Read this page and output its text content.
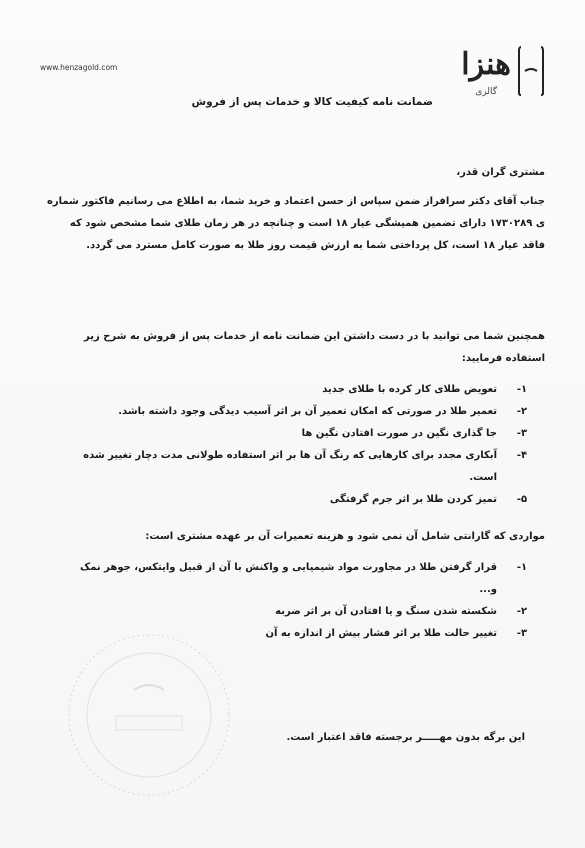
www.henzagold.com	هنزا
گالری
ضمانت نامه کیفیت کالا و خدمات پس از فروش
مشتری گران قدر،
جناب آقای دکتر سرافراز ضمن سپاس از حسن اعتماد و خرید شما، به اطلاع می رسانیم فاکتور شماره ی ۱۷۳۰۲۸۹ دارای تضمین همیشگی عیار ۱۸ است و چنانچه در هر زمان طلای شما مشخص شود که فاقد عیار ۱۸ است، کل پرداختی شما به ارزش قیمت روز طلا به صورت کامل مسترد می گردد.
همچنین شما می توانید با در دست داشتن این ضمانت نامه از خدمات پس از فروش به شرح زیر استفاده فرمایید:
۱-
تعویض طلای کار کرده با طلای جدید
۲-
تعمیر طلا در صورتی که امکان تعمیر آن بر اثر آسیب دیدگی وجود داشته باشد.
۳-
جا گذاری نگین در صورت افتادن نگین ها
۴-
آبکاری مجدد برای کارهایی که رنگ آن ها بر اثر استفاده طولانی مدت دچار تغییر شده است.
۵-
تمیز کردن طلا بر اثر جرم گرفتگی
مواردی که گارانتی شامل آن نمی شود و هزینه تعمیرات آن بر عهده مشتری است:
۱-
قرار گرفتن طلا در مجاورت مواد شیمیایی و واکنش با آن از قبیل وایتکس، جوهر نمک و...
۲-
شکسته شدن سنگ و یا افتادن آن بر اثر ضربه
۳-
تغییر حالت طلا بر اثر فشار بیش از اندازه به آن
این برگه بدون مهـــــر برجسته فاقد اعتبار است.
